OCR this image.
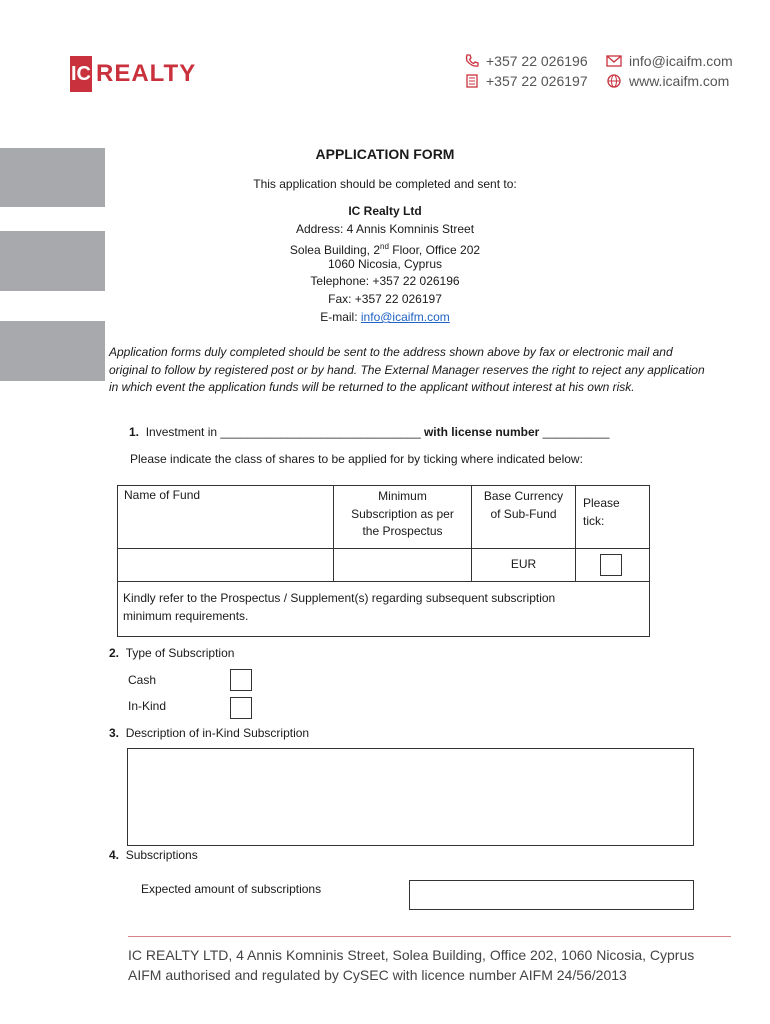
IC REALTY	+357 22 026196
+357 22 026197
info@icaifm.com
www.icaifm.com
APPLICATION FORM
This application should be completed and sent to:
IC Realty Ltd
Address: 4 Annis Komninis Street
Solea Building, 2nd Floor, Office 202
1060 Nicosia, Cyprus
Telephone: +357 22 026196
Fax: +357 22 026197
E-mail: info@icaifm.com
Application forms duly completed should be sent to the address shown above by fax or electronic mail and original to follow by registered post or by hand. The External Manager reserves the right to reject any application in which event the application funds will be returned to the applicant without interest at his own risk.
1. Investment in ______________________________ with license number __________
Please indicate the class of shares to be applied for by ticking where indicated below:
Name of Fund	Minimum
Subscription as per
the Prospectus
Base Currency
of Sub-Fund
Please
tick:
EUR
Kindly refer to the Prospectus / Supplement(s) regarding subsequent subscription
minimum requirements.
2. Type of Subscription
Cash
In-Kind
3. Description of in-Kind Subscription
4. Subscriptions
Expected amount of subscriptions
IC REALTY LTD, 4 Annis Komninis Street, Solea Building, Office 202, 1060 Nicosia, Cyprus
AIFM authorised and regulated by CySEC with licence number AIFM 24/56/2013
